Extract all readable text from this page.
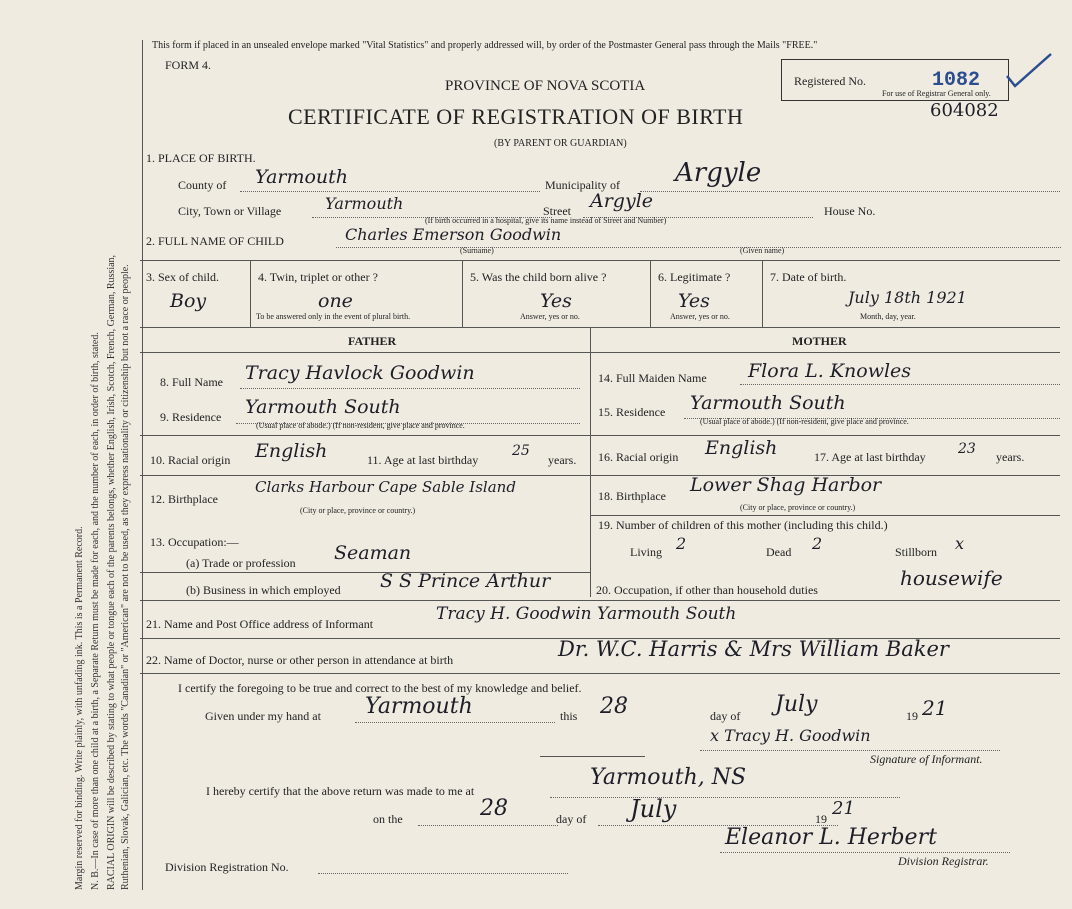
Margin reserved for binding. Write plainly, with unfading ink. This is a Permanent Record. N. B.—In case of more than one child at a birth, a Separate Return must be made for each, and the number of each, in order of birth, stated. RACIAL ORIGIN will be described by stating to what people or tongue each of the parents belongs, whether English, Irish, Scotch, French, German, Russian, Ruthenian, Slovak, Galician, etc. The words "Canadian" or "American" are not to be used, as they express nationality or citizenship but not a race or people.
This form if placed in an unsealed envelope marked "Vital Statistics" and properly addressed will, by order of the Postmaster General pass through the Mails "FREE."
FORM 4.
PROVINCE OF NOVA SCOTIA
CERTIFICATE OF REGISTRATION OF BIRTH
(BY PARENT OR GUARDIAN)
Registered No.	1082
For use of Registrar General only.
604082
1. PLACE OF BIRTH.
County of Yarmouth	Municipality of Argyle
City, Town or Village	Yarmouth	Street Argyle
(If birth occurred in a hospital, give its name instead of Street and Number)
House No.
2. FULL NAME OF CHILD	Charles Emerson Goodwin
(Surname)	(Given name)
3. Sex of child.
Boy
4. Twin, triplet or other ?
one
To be answered only in the event of plural birth.
5. Was the child born alive ?
Yes
Answer, yes or no.
6. Legitimate ?
Yes
Answer, yes or no.
7. Date of birth.
July 18th 1921
Month, day, year.
FATHER	MOTHER
8. Full Name Tracy Havlock Goodwin
9. Residence Yarmouth South
(Usual place of abode.) (If non-resident, give place and province.
10. Racial origin English	11. Age at last birthday
25
years.
12. Birthplace
Clarks Harbour Cape Sable Island
(City or place, province or country.)
14. Full Maiden Name Flora L. Knowles
15. Residence Yarmouth South
(Usual place of abode.) (If non-resident, give place and province.
16. Racial origin English	17. Age at last birthday 23 years.
18. Birthplace Lower Shag Harbor
(City or place, province or country.)
19. Number of children of this mother (including this child.)
Living 2	Dead 2	Stillborn x
13. Occupation:—
(a) Trade or profession Seaman
(b) Business in which employed S S Prince Arthur	20. Occupation, if other than household duties	housewife
21. Name and Post Office address of Informant	Tracy H. Goodwin Yarmouth South
22. Name of Doctor, nurse or other person in attendance at birth	Dr. W.C. Harris & Mrs William Baker
I certify the foregoing to be true and correct to the best of my knowledge and belief.
Given under my hand at Yarmouth	this 28	day of July	19 21
x Tracy H. Goodwin
Signature of Informant.
I hereby certify that the above return was made to me at
Yarmouth, NS
on the	28	day of July	19 21
Eleanor L. Herbert
Division Registrar.
Division Registration No.
